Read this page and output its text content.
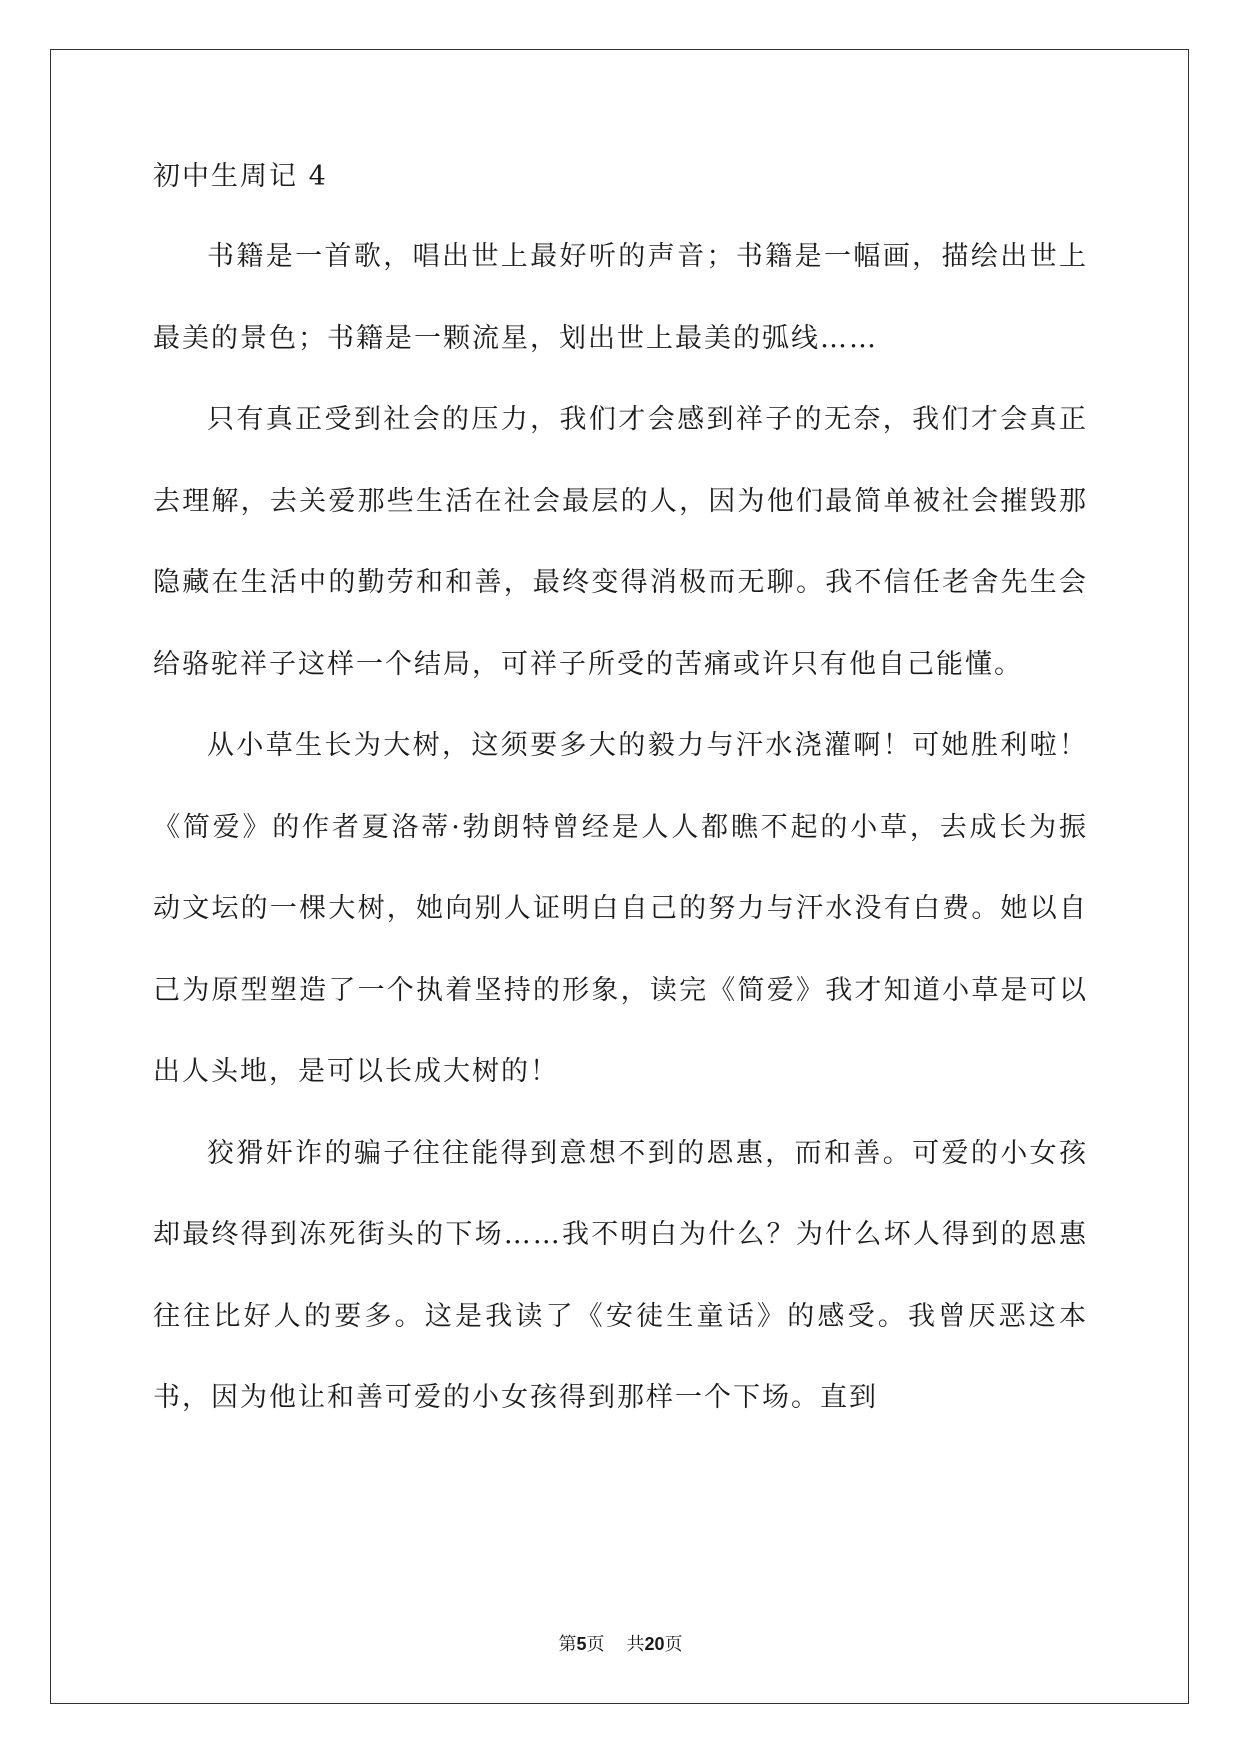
初中生周记 4

书籍是一首歌，唱出世上最好听的声音；书籍是一幅画，描绘出世上最美的景色；书籍是一颗流星，划出世上最美的弧线……

只有真正受到社会的压力，我们才会感到祥子的无奈，我们才会真正去理解，去关爱那些生活在社会最层的人，因为他们最简单被社会摧毁那隐藏在生活中的勤劳和和善，最终变得消极而无聊。我不信任老舍先生会给骆驼祥子这样一个结局，可祥子所受的苦痛或许只有他自己能懂。

从小草生长为大树，这须要多大的毅力与汗水浇灌啊！可她胜利啦！《简爱》的作者夏洛蒂·勃朗特曾经是人人都瞧不起的小草，去成长为振动文坛的一棵大树，她向别人证明白自己的努力与汗水没有白费。她以自己为原型塑造了一个执着坚持的形象，读完《简爱》我才知道小草是可以出人头地，是可以长成大树的！

狡猾奸诈的骗子往往能得到意想不到的恩惠，而和善。可爱的小女孩却最终得到冻死街头的下场……我不明白为什么？为什么坏人得到的恩惠往往比好人的要多。这是我读了《安徒生童话》的感受。我曾厌恶这本书，因为他让和善可爱的小女孩得到那样一个下场。直到

第5页 共20页
